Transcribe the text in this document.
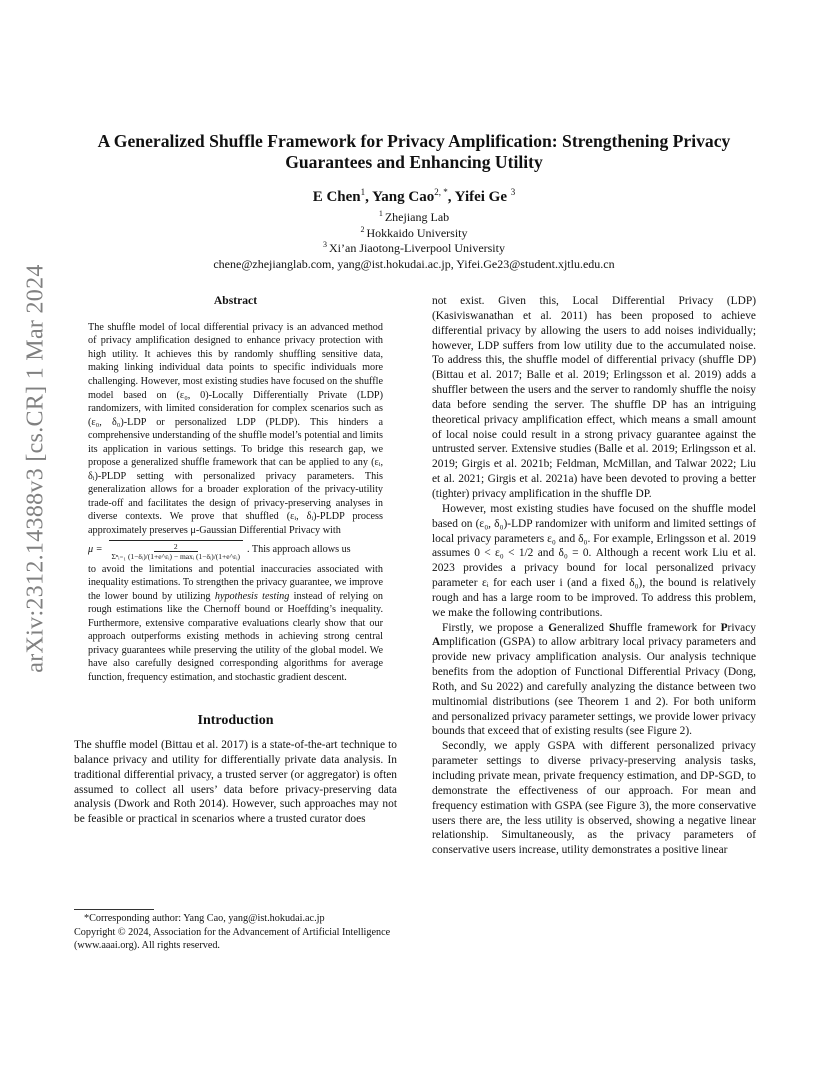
arXiv:2312.14388v3 [cs.CR] 1 Mar 2024
A Generalized Shuffle Framework for Privacy Amplification: Strengthening Privacy Guarantees and Enhancing Utility
E Chen$^1$, Yang Cao$^{2, *}$, Yifei Ge $^3$
$^1$ Zhejiang Lab
$^2$ Hokkaido University
$^3$ Xi’an Jiaotong-Liverpool University
chene@zhejianglab.com, yang@ist.hokudai.ac.jp, Yifei.Ge23@student.xjtlu.edu.cn
Abstract

The shuffle model of local differential privacy is an advanced method of privacy amplification designed to enhance privacy protection with high utility. It achieves this by randomly shuffling sensitive data, making linking individual data points to specific individuals more challenging. However, most existing studies have focused on the shuffle model based on (ε₀, 0)-Locally Differentially Private (LDP) randomizers, with limited consideration for complex scenarios such as (ε₀, δ₀)-LDP or personalized LDP (PLDP). This hinders a comprehensive understanding of the shuffle model’s potential and limits its application in various settings. To bridge this research gap, we propose a generalized shuffle framework that can be applied to any (εᵢ, δᵢ)-PLDP setting with personalized privacy parameters. This generalization allows for a broader exploration of the privacy-utility trade-off and facilitates the design of privacy-preserving analyses in diverse contexts. We prove that shuffled (εᵢ, δᵢ)-PLDP process approximately preserves μ-Gaussian Differential Privacy with

$\mu = \frac{2}{\text{Σⁿᵢ₌₁ (1−δᵢ)/(1+e\textasciicircum{}εᵢ) − maxᵢ (1−δᵢ)/(1+e\textasciicircum{}εᵢ)}}$ . This approach allows us

to avoid the limitations and potential inaccuracies associated with inequality estimations. To strengthen the privacy guarantee, we improve the lower bound by utilizing hypothesis testing instead of relying on rough estimations like the Chernoff bound or Hoeffding’s inequality. Furthermore, extensive comparative evaluations clearly show that our approach outperforms existing methods in achieving strong central privacy guarantees while preserving the utility of the global model. We have also carefully designed corresponding algorithms for average function, frequency estimation, and stochastic gradient descent.

Introduction

The shuffle model (Bittau et al. 2017) is a state-of-the-art technique to balance privacy and utility for differentially private data analysis. In traditional differential privacy, a trusted server (or aggregator) is often assumed to collect all users’ data before privacy-preserving data analysis (Dwork and Roth 2014). However, such approaches may not be feasible or practical in scenarios where a trusted curator does

*Corresponding author: Yang Cao, yang@ist.hokudai.ac.jp

Copyright © 2024, Association for the Advancement of Artificial Intelligence (www.aaai.org). All rights reserved.

not exist. Given this, Local Differential Privacy (LDP) (Kasiviswanathan et al. 2011) has been proposed to achieve differential privacy by allowing the users to add noises individually; however, LDP suffers from low utility due to the accumulated noise. To address this, the shuffle model of differential privacy (shuffle DP) (Bittau et al. 2017; Balle et al. 2019; Erlingsson et al. 2019) adds a shuffler between the users and the server to randomly shuffle the noisy data before sending the server. The shuffle DP has an intriguing theoretical privacy amplification effect, which means a small amount of local noise could result in a strong privacy guarantee against the untrusted server. Extensive studies (Balle et al. 2019; Erlingsson et al. 2019; Girgis et al. 2021b; Feldman, McMillan, and Talwar 2022; Liu et al. 2021; Girgis et al. 2021a) have been devoted to proving a better (tighter) privacy amplification in the shuffle DP.

However, most existing studies have focused on the shuffle model based on (ε₀, δ₀)-LDP randomizer with uniform and limited settings of local privacy parameters ε₀ and δ₀. For example, Erlingsson et al. 2019 assumes 0 < ε₀ < 1/2 and δ₀ = 0. Although a recent work Liu et al. 2023 provides a privacy bound for local personalized privacy parameter εᵢ for each user i (and a fixed δ₀), the bound is relatively rough and has a large room to be improved. To address this problem, we make the following contributions.

Firstly, we propose a Generalized Shuffle framework for Privacy Amplification (GSPA) to allow arbitrary local privacy parameters and provide new privacy amplification analysis. Our analysis technique benefits from the adoption of Functional Differential Privacy (Dong, Roth, and Su 2022) and carefully analyzing the distance between two multinomial distributions (see Theorem 1 and 2). For both uniform and personalized privacy parameter settings, we provide lower privacy bounds that exceed that of existing results (see Figure 2).

Secondly, we apply GSPA with different personalized privacy parameter settings to diverse privacy-preserving analysis tasks, including private mean, private frequency estimation, and DP-SGD, to demonstrate the effectiveness of our approach. For mean and frequency estimation with GSPA (see Figure 3), the more conservative users there are, the less utility is observed, showing a negative linear relationship. Simultaneously, as the privacy parameters of conservative users increase, utility demonstrates a positive linear
